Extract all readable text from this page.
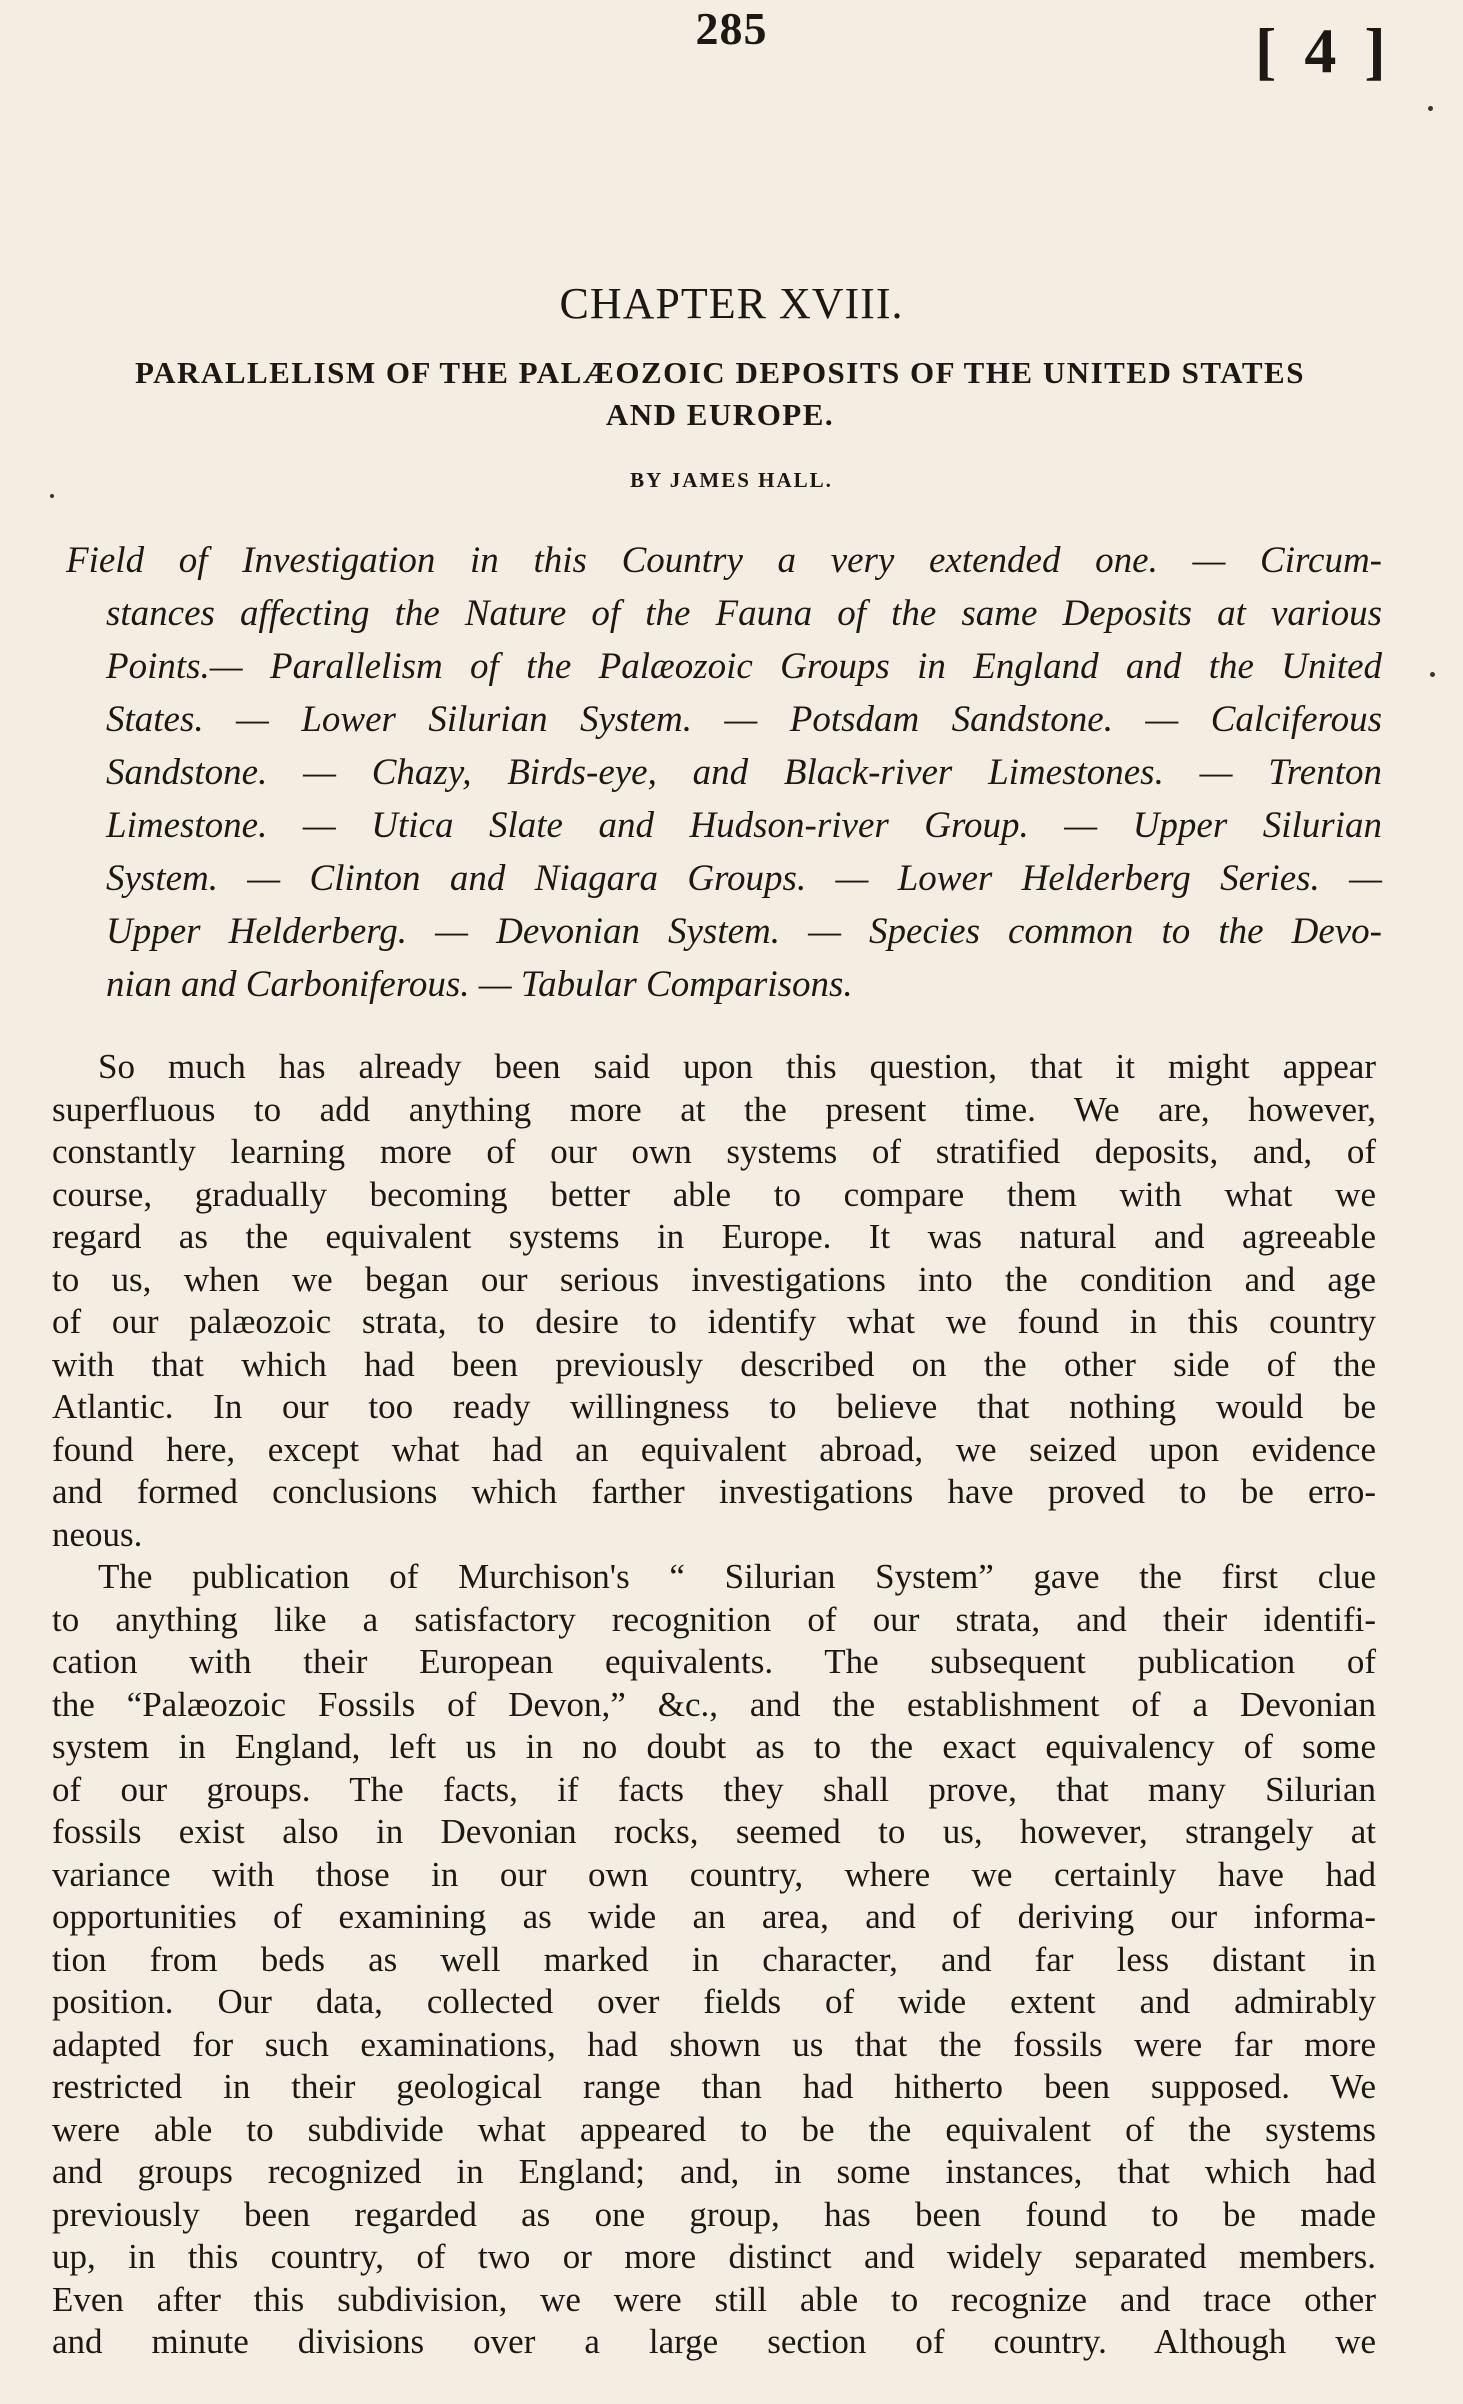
285	[ 4 ]
CHAPTER XVIII.
PARALLELISM OF THE PALÆOZOIC DEPOSITS OF THE UNITED STATES
AND EUROPE.
BY JAMES HALL.
Field of Investigation in this Country a very extended one. — Circum-
stances affecting the Nature of the Fauna of the same Deposits at various
Points.— Parallelism of the Palæozoic Groups in England and the United
States. — Lower Silurian System. — Potsdam Sandstone. — Calciferous
Sandstone. — Chazy, Birds-eye, and Black-river Limestones. — Trenton
Limestone. — Utica Slate and Hudson-river Group. — Upper Silurian
System. — Clinton and Niagara Groups. — Lower Helderberg Series. —
Upper Helderberg. — Devonian System. — Species common to the Devo-
nian and Carboniferous. — Tabular Comparisons.
So much has already been said upon this question, that it might appear
superfluous to add anything more at the present time. We are, however,
constantly learning more of our own systems of stratified deposits, and, of
course, gradually becoming better able to compare them with what we
regard as the equivalent systems in Europe. It was natural and agreeable
to us, when we began our serious investigations into the condition and age
of our palæozoic strata, to desire to identify what we found in this country
with that which had been previously described on the other side of the
Atlantic. In our too ready willingness to believe that nothing would be
found here, except what had an equivalent abroad, we seized upon evidence
and formed conclusions which farther investigations have proved to be erro-
neous.
The publication of Murchison's “ Silurian System” gave the first clue
to anything like a satisfactory recognition of our strata, and their identifi-
cation with their European equivalents. The subsequent publication of
the “Palæozoic Fossils of Devon,” &c., and the establishment of a Devonian
system in England, left us in no doubt as to the exact equivalency of some
of our groups. The facts, if facts they shall prove, that many Silurian
fossils exist also in Devonian rocks, seemed to us, however, strangely at
variance with those in our own country, where we certainly have had
opportunities of examining as wide an area, and of deriving our informa-
tion from beds as well marked in character, and far less distant in
position. Our data, collected over fields of wide extent and admirably
adapted for such examinations, had shown us that the fossils were far more
restricted in their geological range than had hitherto been supposed. We
were able to subdivide what appeared to be the equivalent of the systems
and groups recognized in England; and, in some instances, that which had
previously been regarded as one group, has been found to be made
up, in this country, of two or more distinct and widely separated members.
Even after this subdivision, we were still able to recognize and trace other
and minute divisions over a large section of country. Although we
